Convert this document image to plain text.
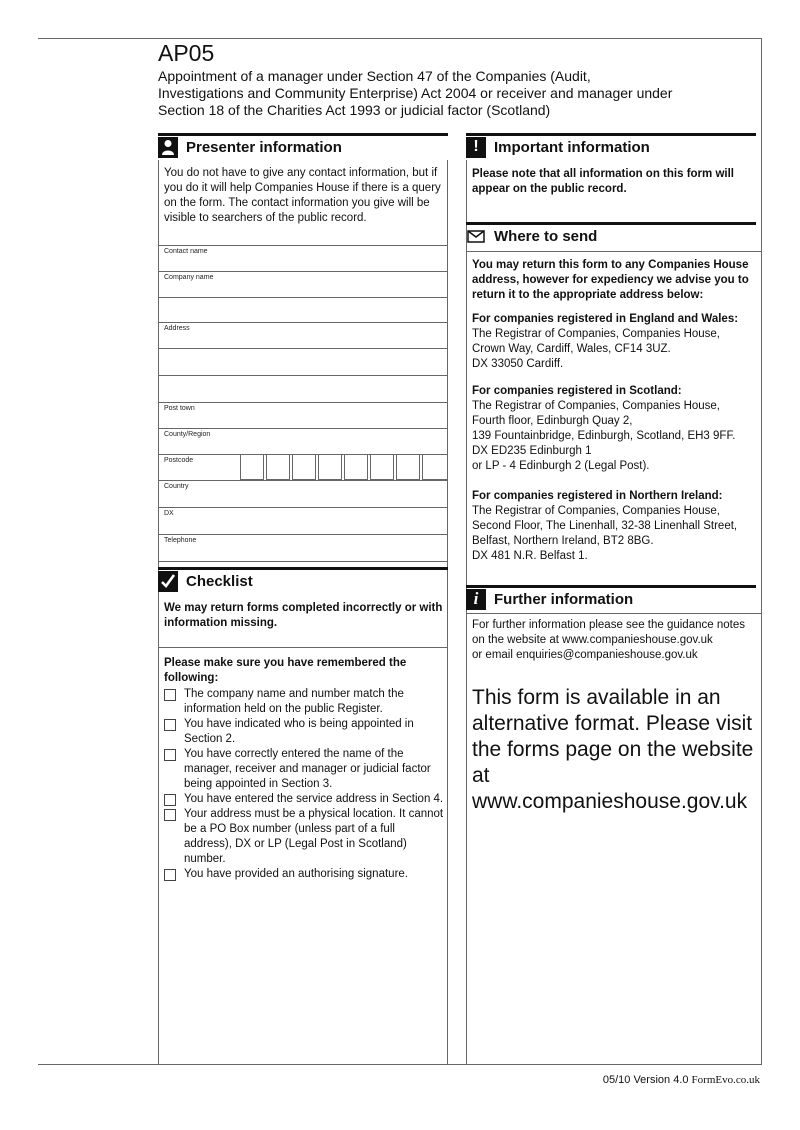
AP05
Appointment of a manager under Section 47 of the Companies (Audit, Investigations and Community Enterprise) Act 2004 or receiver and manager under Section 18 of the Charities Act 1993 or judicial factor (Scotland)
Presenter information
You do not have to give any contact information, but if you do it will help Companies House if there is a query on the form. The contact information you give will be visible to searchers of the public record.
Contact name
Company name
Address
Post town
County/Region
Postcode
Country
DX
Telephone
Checklist
We may return forms completed incorrectly or with information missing.
Please make sure you have remembered the following:
The company name and number match the information held on the public Register.
You have indicated who is being appointed in Section 2.
You have correctly entered the name of the manager, receiver and manager or judicial factor being appointed in Section 3.
You have entered the service address in Section 4.
Your address must be a physical location. It cannot be a PO Box number (unless part of a full address), DX or LP (Legal Post in Scotland) number.
You have provided an authorising signature.
!	Important information
Please note that all information on this form will appear on the public record.
Where to send
You may return this form to any Companies House address, however for expediency we advise you to return it to the appropriate address below:
For companies registered in England and Wales:
The Registrar of Companies, Companies House,
Crown Way, Cardiff, Wales, CF14 3UZ.
DX 33050 Cardiff.
For companies registered in Scotland:
The Registrar of Companies, Companies House,
Fourth floor, Edinburgh Quay 2,
139 Fountainbridge, Edinburgh, Scotland, EH3 9FF.
DX ED235 Edinburgh 1
or LP - 4 Edinburgh 2 (Legal Post).
For companies registered in Northern Ireland:
The Registrar of Companies, Companies House,
Second Floor, The Linenhall, 32-38 Linenhall Street,
Belfast, Northern Ireland, BT2 8BG.
DX 481 N.R. Belfast 1.
i	Further information
For further information please see the guidance notes
on the website at www.companieshouse.gov.uk
or email enquiries@companieshouse.gov.uk
This form is available in an alternative format. Please visit the forms page on the website at www.companieshouse.gov.uk
05/10 Version 4.0 FormEvo.co.uk
